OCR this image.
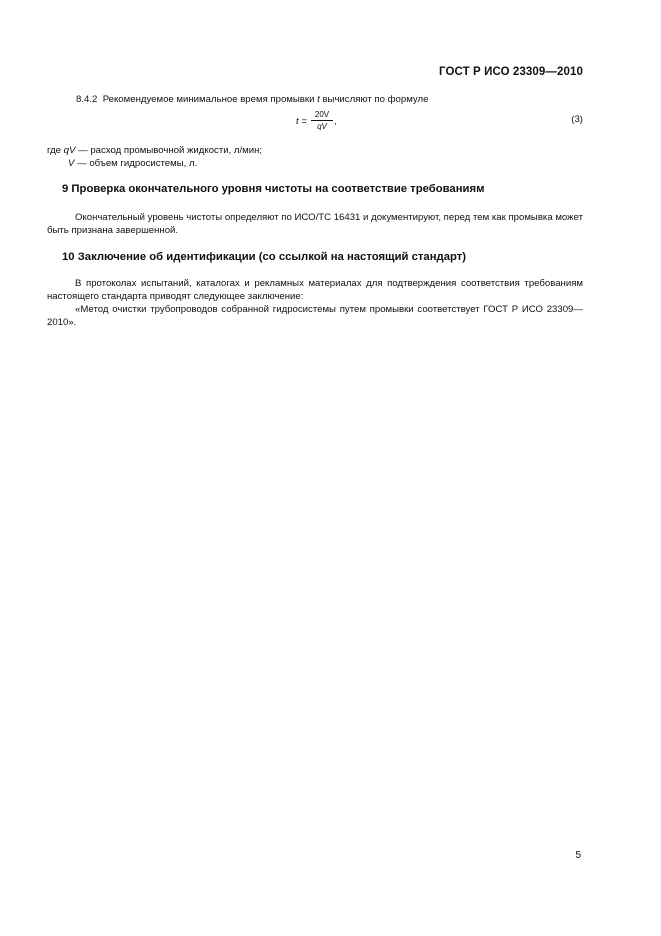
ГОСТ Р ИСО 23309—2010
8.4.2 Рекомендуемое минимальное время промывки t вычисляют по формуле
$t = \frac{20V}{qV}$ ,	(3)
где qV — расход промывочной жидкости, л/мин;
V — объем гидросистемы, л.
9 Проверка окончательного уровня чистоты на соответствие требованиям
Окончательный уровень чистоты определяют по ИСО/ТС 16431 и документируют, перед тем как промывка может быть признана завершенной.
10 Заключение об идентификации (со ссылкой на настоящий стандарт)
В протоколах испытаний, каталогах и рекламных материалах для подтверждения соответствия требованиям настоящего стандарта приводят следующее заключение:
«Метод очистки трубопроводов собранной гидросистемы путем промывки соответствует ГОСТ Р ИСО 23309—2010».
5
